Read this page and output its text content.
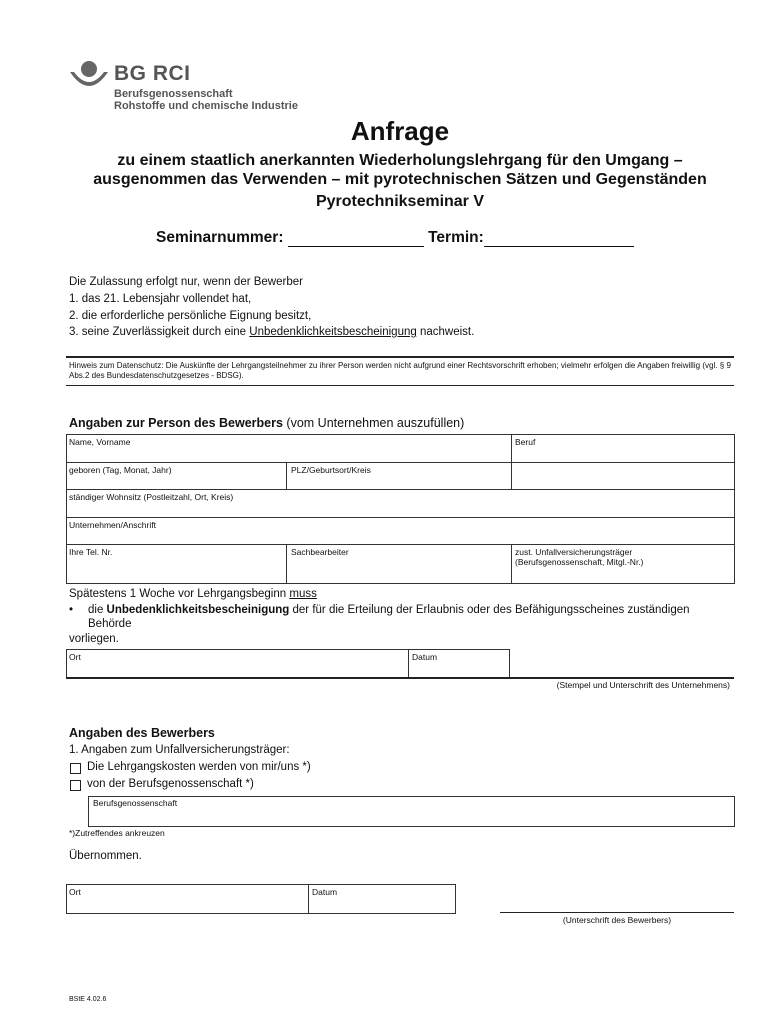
BG RCI
Berufsgenossenschaft
Rohstoffe und chemische Industrie
Anfrage
zu einem staatlich anerkannten Wiederholungslehrgang für den Umgang –
ausgenommen das Verwenden – mit pyrotechnischen Sätzen und Gegenständen
Pyrotechnikseminar V
Seminarnummer:	Termin:
Die Zulassung erfolgt nur, wenn der Bewerber
1. das 21. Lebensjahr vollendet hat,
2. die erforderliche persönliche Eignung besitzt,
3. seine Zuverlässigkeit durch eine Unbedenklichkeitsbescheinigung nachweist.
Hinweis zum Datenschutz: Die Auskünfte der Lehrgangsteilnehmer zu ihrer Person werden nicht aufgrund einer Rechtsvorschrift erhoben; vielmehr erfolgen die Angaben freiwillig (vgl. § 9 Abs.2 des Bundesdatenschutzgesetzes - BDSG).
Angaben zur Person des Bewerbers (vom Unternehmen auszufüllen)
Name, Vorname	Beruf
geboren (Tag, Monat, Jahr)	PLZ/Geburtsort/Kreis
ständiger Wohnsitz (Postleitzahl, Ort, Kreis)
Unternehmen/Anschrift
Ihre Tel. Nr.	Sachbearbeiter	zust. Unfallversicherungsträger
(Berufsgenossenschaft, Mitgl.-Nr.)
Spätestens 1 Woche vor Lehrgangsbeginn muss
• die Unbedenklichkeitsbescheinigung der für die Erteilung der Erlaubnis oder des Befähigungsscheines zuständigen
Behörde
vorliegen.
Ort	Datum
(Stempel und Unterschrift des Unternehmens)
Angaben des Bewerbers
1. Angaben zum Unfallversicherungsträger:
Die Lehrgangskosten werden von mir/uns *)
von der Berufsgenossenschaft *)
Berufsgenossenschaft
*)Zutreffendes ankreuzen
Übernommen.
Ort	Datum
(Unterschrift des Bewerbers)
BStE 4.02.6
